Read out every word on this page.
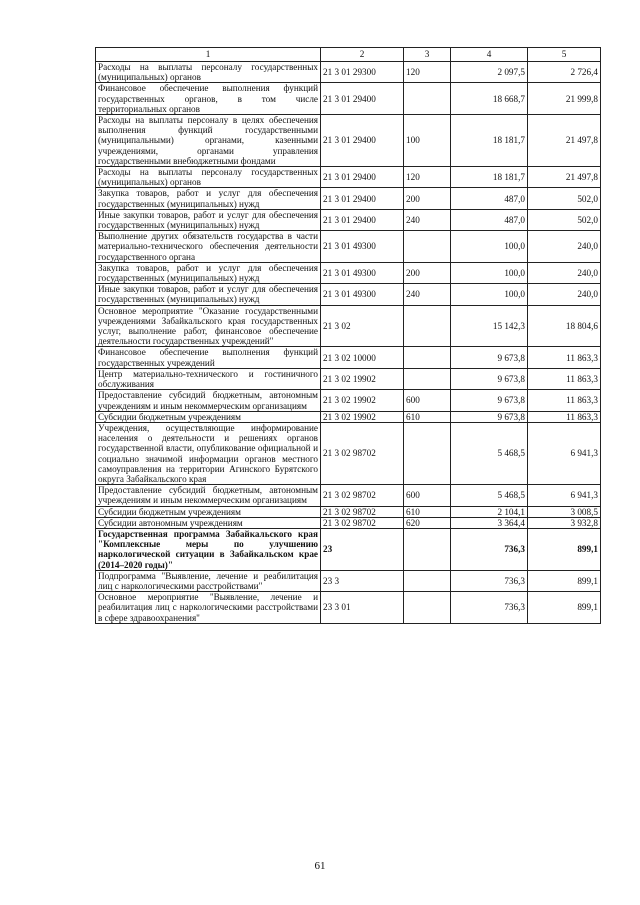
1	2	3	4	5
Расходы на выплаты персоналу государственных (муниципальных) органов	21 3 01 29300	120	2 097,5	2 726,4
Финансовое обеспечение выполнения функций государственных органов, в том числе территориальных органов	21 3 01 29400		18 668,7	21 999,8
Расходы на выплаты персоналу в целях обеспечения выполнения функций государственными (муниципальными) органами, казенными учреждениями, органами управления государственными внебюджетными фондами	21 3 01 29400	100	18 181,7	21 497,8
Расходы на выплаты персоналу государственных (муниципальных) органов	21 3 01 29400	120	18 181,7	21 497,8
Закупка товаров, работ и услуг для обеспечения государственных (муниципальных) нужд	21 3 01 29400	200	487,0	502,0
Иные закупки товаров, работ и услуг для обеспечения государственных (муниципальных) нужд	21 3 01 29400	240	487,0	502,0
Выполнение других обязательств государства в части материально-технического обеспечения деятельности государственного органа	21 3 01 49300		100,0	240,0
Закупка товаров, работ и услуг для обеспечения государственных (муниципальных) нужд	21 3 01 49300	200	100,0	240,0
Иные закупки товаров, работ и услуг для обеспечения государственных (муниципальных) нужд	21 3 01 49300	240	100,0	240,0
Основное мероприятие "Оказание государственными учреждениями Забайкальского края государственных услуг, выполнение работ, финансовое обеспечение деятельности государственных учреждений"	21 3 02		15 142,3	18 804,6
Финансовое обеспечение выполнения функций государственных учреждений	21 3 02 10000		9 673,8	11 863,3
Центр материально-технического и гостиничного обслуживания	21 3 02 19902		9 673,8	11 863,3
Предоставление субсидий бюджетным, автономным учреждениям и иным некоммерческим организациям	21 3 02 19902	600	9 673,8	11 863,3
Субсидии бюджетным учреждениям	21 3 02 19902	610	9 673,8	11 863,3
Учреждения, осуществляющие информирование населения о деятельности и решениях органов государственной власти, опубликование официальной и социально значимой информации органов местного самоуправления на территории Агинского Бурятского округа Забайкальского края	21 3 02 98702		5 468,5	6 941,3
Предоставление субсидий бюджетным, автономным учреждениям и иным некоммерческим организациям	21 3 02 98702	600	5 468,5	6 941,3
Субсидии бюджетным учреждениям	21 3 02 98702	610	2 104,1	3 008,5
Субсидии автономным учреждениям	21 3 02 98702	620	3 364,4	3 932,8
Государственная программа Забайкальского края "Комплексные меры по улучшению наркологической ситуации в Забайкальском крае (2014–2020 годы)"	23		736,3	899,1
Подпрограмма "Выявление, лечение и реабилитация лиц с наркологическими расстройствами"	23 3		736,3	899,1
Основное мероприятие "Выявление, лечение и реабилитация лиц с наркологическими расстройствами в сфере здравоохранения"	23 3 01		736,3	899,1
61
